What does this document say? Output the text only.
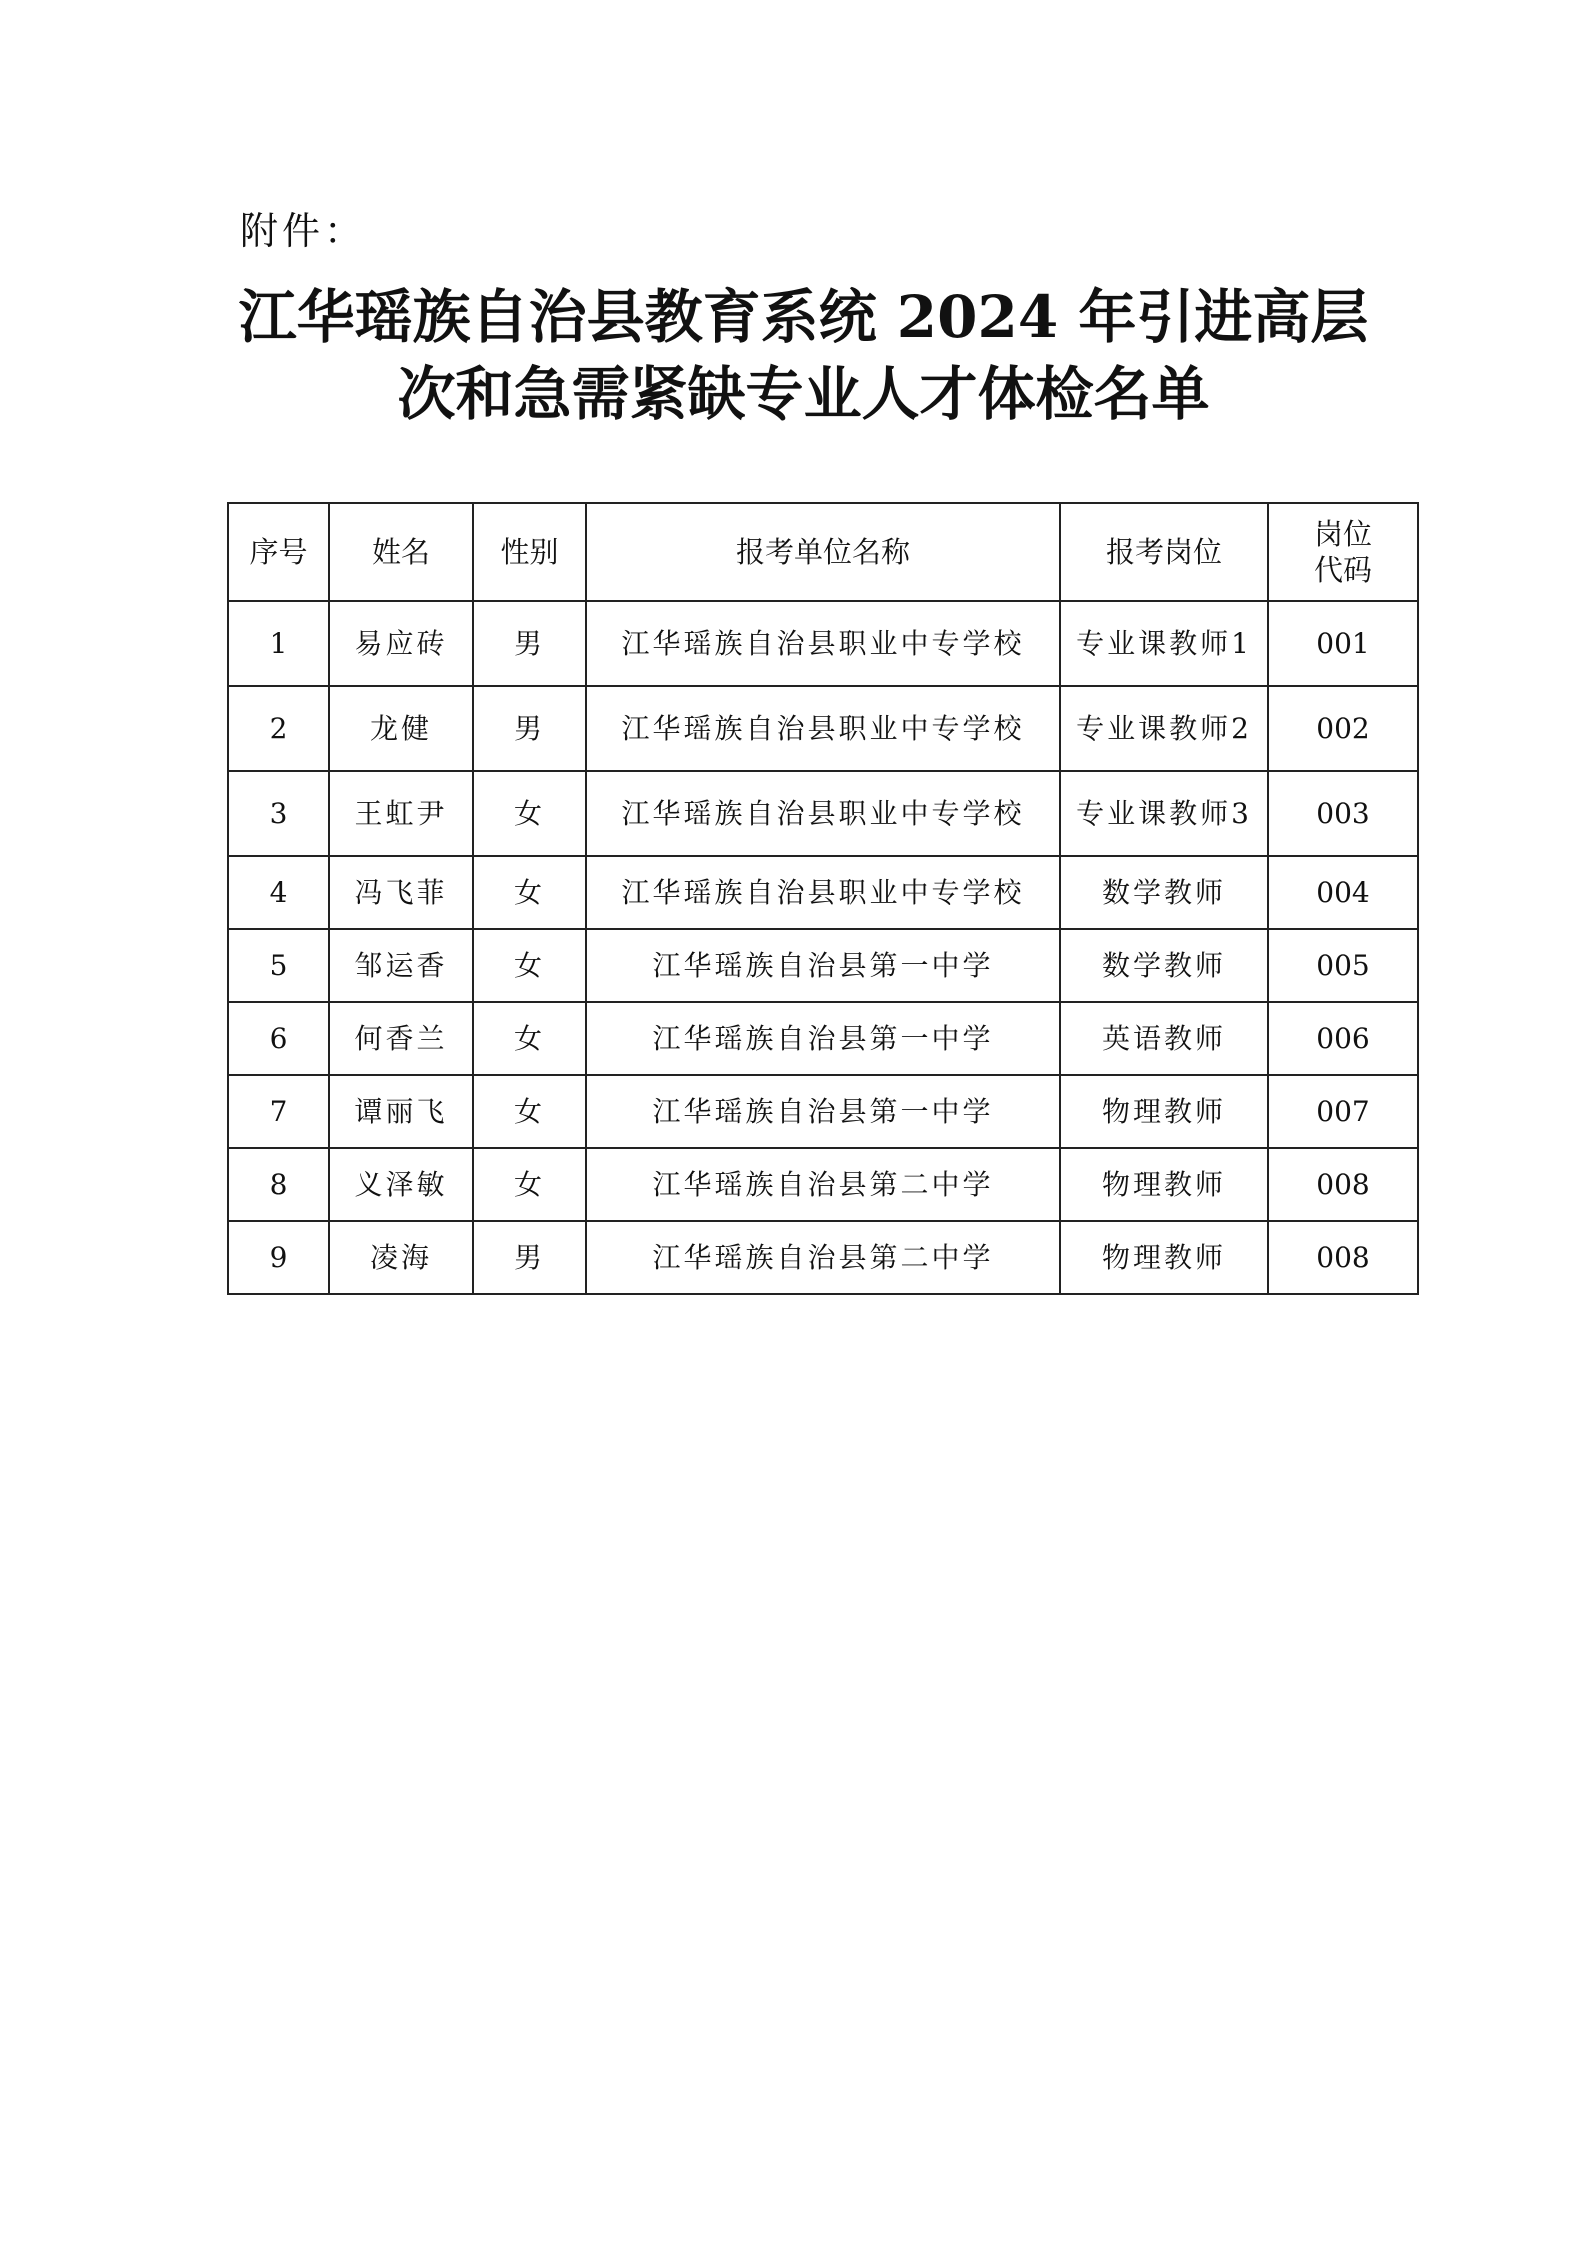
附件：
江华瑶族自治县教育系统 2024 年引进高层
次和急需紧缺专业人才体检名单
序号	姓名	性别	报考单位名称	报考岗位	岗位代码
1	易应砖	男	江华瑶族自治县职业中专学校	专业课教师1	001
2	龙健	男	江华瑶族自治县职业中专学校	专业课教师2	002
3	王虹尹	女	江华瑶族自治县职业中专学校	专业课教师3	003
4	冯飞菲	女	江华瑶族自治县职业中专学校	数学教师	004
5	邹运香	女	江华瑶族自治县第一中学	数学教师	005
6	何香兰	女	江华瑶族自治县第一中学	英语教师	006
7	谭丽飞	女	江华瑶族自治县第一中学	物理教师	007
8	义泽敏	女	江华瑶族自治县第二中学	物理教师	008
9	凌海	男	江华瑶族自治县第二中学	物理教师	008
